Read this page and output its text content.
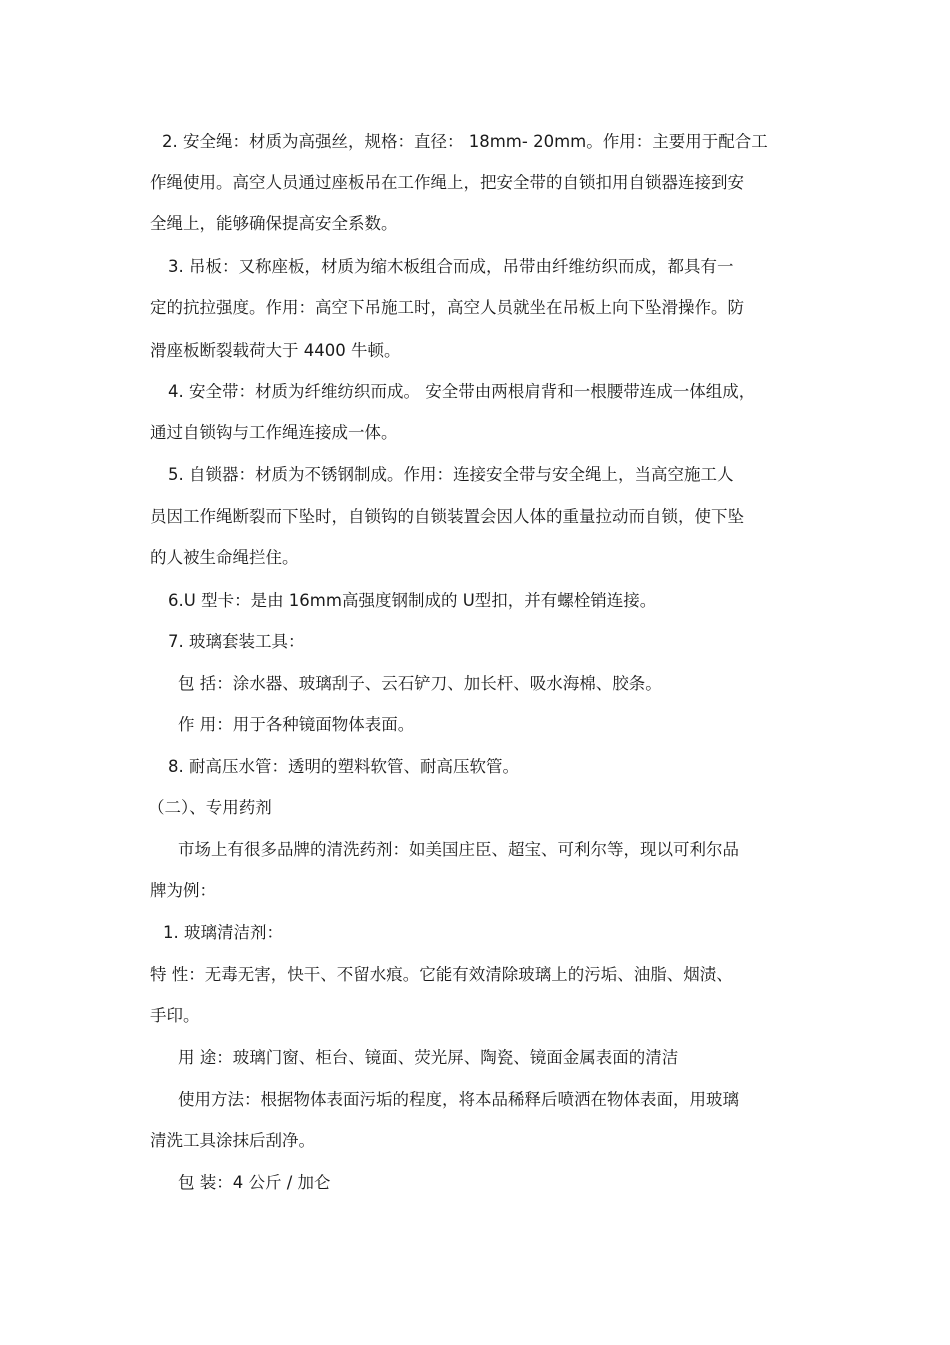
2. 安全绳：材质为高强丝，规格：直径： 18mm- 20mm。作用：主要用于配合工
作绳使用。高空人员通过座板吊在工作绳上，把安全带的自锁扣用自锁器连接到安
全绳上，能够确保提高安全系数。
3. 吊板：又称座板，材质为缩木板组合而成，吊带由纤维纺织而成，都具有一
定的抗拉强度。作用：高空下吊施工时，高空人员就坐在吊板上向下坠滑操作。防
滑座板断裂载荷大于 4400 牛顿。
4. 安全带：材质为纤维纺织而成。 安全带由两根肩背和一根腰带连成一体组成，
通过自锁钩与工作绳连接成一体。
5. 自锁器：材质为不锈钢制成。作用：连接安全带与安全绳上，当高空施工人
员因工作绳断裂而下坠时，自锁钩的自锁装置会因人体的重量拉动而自锁，使下坠
的人被生命绳拦住。
6.U 型卡：是由 16mm高强度钢制成的 U型扣，并有螺栓销连接。
7. 玻璃套装工具：
包 括：涂水器、玻璃刮子、云石铲刀、加长杆、吸水海棉、胶条。
作 用：用于各种镜面物体表面。
8. 耐高压水管：透明的塑料软管、耐高压软管。
（二）、专用药剂
市场上有很多品牌的清洗药剂：如美国庄臣、超宝、可利尔等，现以可利尔品
牌为例：
1. 玻璃清洁剂：
特 性：无毒无害，快干、不留水痕。它能有效清除玻璃上的污垢、油脂、烟渍、
手印。
用 途：玻璃门窗、柜台、镜面、荧光屏、陶瓷、镜面金属表面的清洁
使用方法：根据物体表面污垢的程度，将本品稀释后喷洒在物体表面，用玻璃
清洗工具涂抹后刮净。
包 装：4 公斤 / 加仑
